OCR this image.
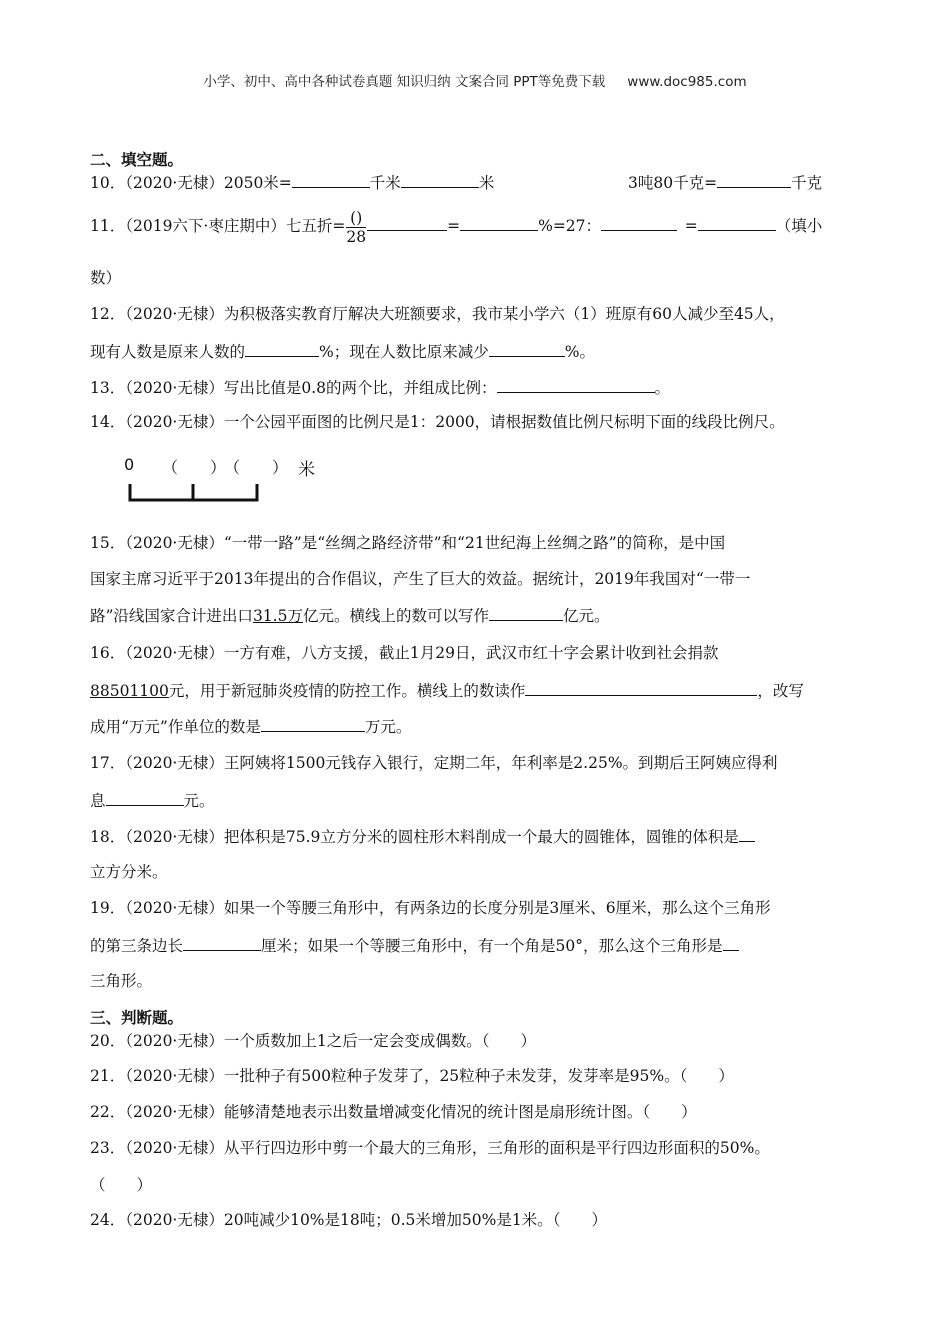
小学、初中、高中各种试卷真题 知识归纳 文案合同 PPT等免费下载 www.doc985.com
二、填空题。
10．（2020·无棣）2050米=	千米	米	3吨80千克=	千克
11．（2019六下·枣庄期中）七五折= $\frac{()}{28}$	=	%=27： 	=	（填小
数）
12．（2020·无棣）为积极落实教育厅解决大班额要求，我市某小学六（1）班原有60人减少至45人，
现有人数是原来人数的	%；现在人数比原来减少	%。
13．（2020·无棣）写出比值是0.8的两个比，并组成比例：	。
14．（2020·无棣）一个公园平面图的比例尺是1：2000，请根据数值比例尺标明下面的线段比例尺。
0 （　　）
（　　） 米
15．（2020·无棣）“一带一路”是“丝绸之路经济带”和“21世纪海上丝绸之路”的简称，是中国
国家主席习近平于2013年提出的合作倡议，产生了巨大的效益。据统计，2019年我国对“一带一
路”沿线国家合计进出口31.5万亿元。横线上的数可以写作	亿元。
16．（2020·无棣）一方有难，八方支援，截止1月29日，武汉市红十字会累计收到社会捐款
88501100元，用于新冠肺炎疫情的防控工作。横线上的数读作	，改写
成用“万元”作单位的数是	万元。
17．（2020·无棣）王阿姨将1500元钱存入银行，定期二年，年利率是2.25%。到期后王阿姨应得利
息	元。
18．（2020·无棣）把体积是75.9立方分米的圆柱形木料削成一个最大的圆锥体，圆锥的体积是
立方分米。
19．（2020·无棣）如果一个等腰三角形中，有两条边的长度分别是3厘米、6厘米，那么这个三角形
的第三条边长	厘米；如果一个等腰三角形中，有一个角是50°，那么这个三角形是
三角形。
三、判断题。
20．（2020·无棣）一个质数加上1之后一定会变成偶数。（　　）
21．（2020·无棣）一批种子有500粒种子发芽了，25粒种子未发芽，发芽率是95%。（　　）
22．（2020·无棣）能够清楚地表示出数量增减变化情况的统计图是扇形统计图。（　　）
23．（2020·无棣）从平行四边形中剪一个最大的三角形，三角形的面积是平行四边形面积的50%。
（　　）
24．（2020·无棣）20吨减少10%是18吨；0.5米增加50%是1米。（　　）
